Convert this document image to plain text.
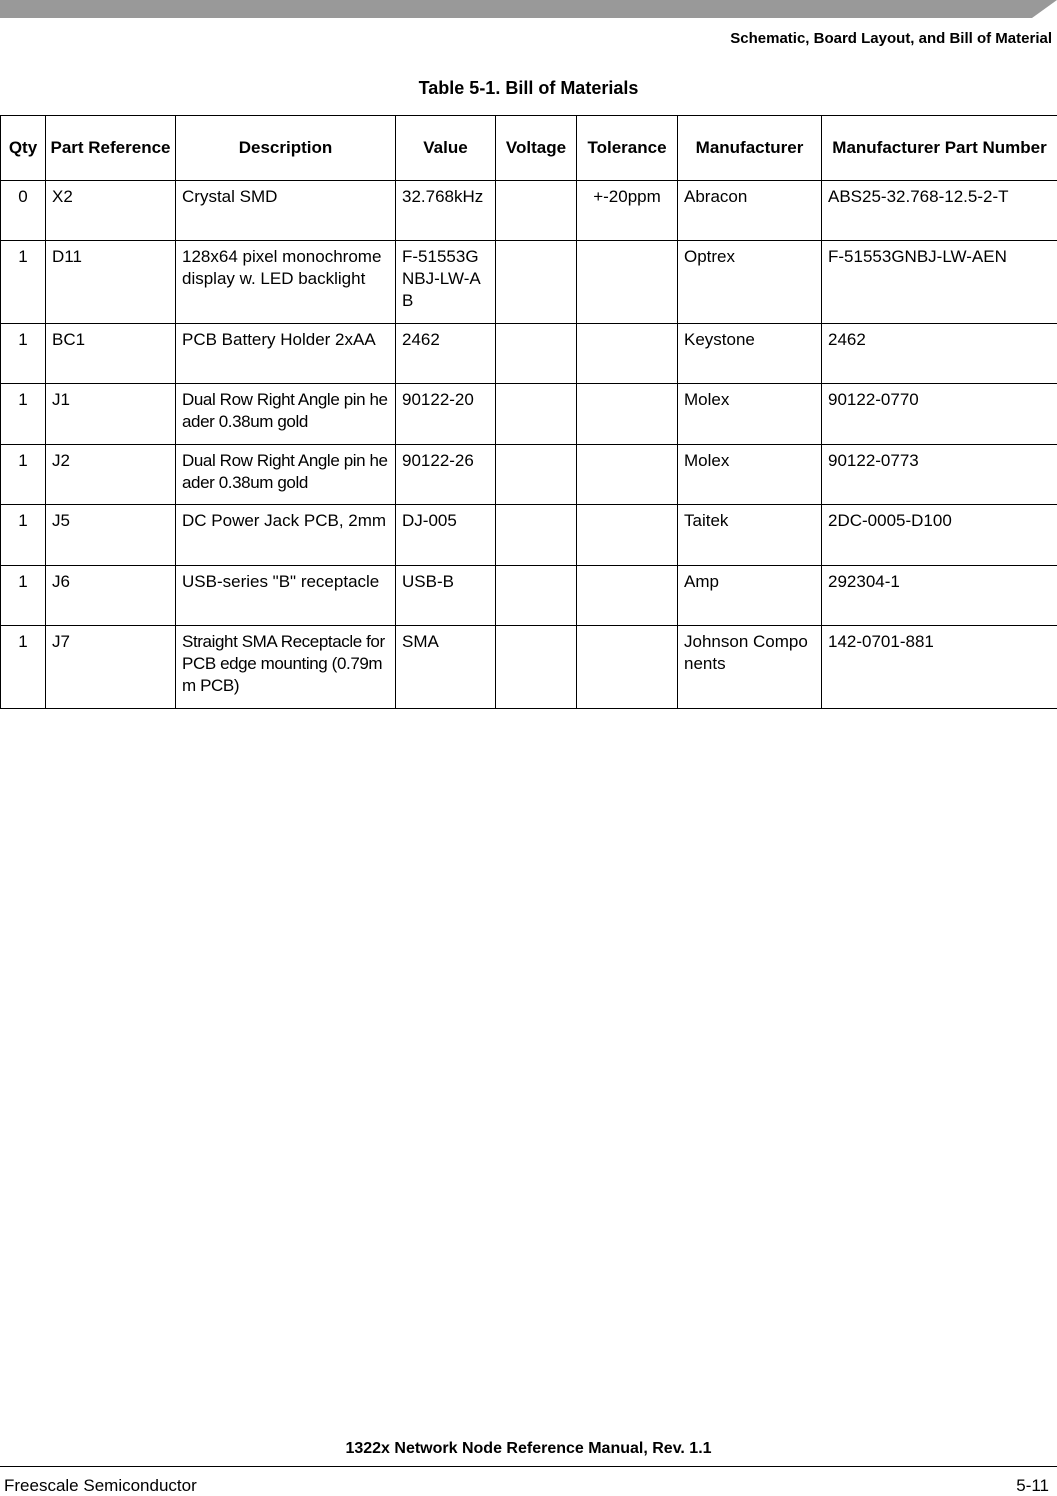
Schematic, Board Layout, and Bill of Material
Table 5-1. Bill of Materials
Qty	Part Reference	Description	Value	Voltage	Tolerance	Manufacturer	Manufacturer Part Number
0	X2	Crystal SMD	32.768kHz		+-20ppm	Abracon	ABS25-32.768-12.5-2-T
1	D11	128x64 pixel monochrome display w. LED backlight	F-51553GNBJ-LW-AB			Optrex	F-51553GNBJ-LW-AEN
1	BC1	PCB Battery Holder 2xAA	2462			Keystone	2462
1	J1	Dual Row Right Angle pin header 0.38um gold	90122-20			Molex	90122-0770
1	J2	Dual Row Right Angle pin header 0.38um gold	90122-26			Molex	90122-0773
1	J5	DC Power Jack PCB, 2mm	DJ-005			Taitek	2DC-0005-D100
1	J6	USB-series "B" receptacle	USB-B			Amp	292304-1
1	J7	Straight SMA Receptacle for PCB edge mounting (0.79mm PCB)	SMA			Johnson Components	142-0701-881
1322x Network Node Reference Manual, Rev. 1.1
Freescale Semiconductor	5-11
